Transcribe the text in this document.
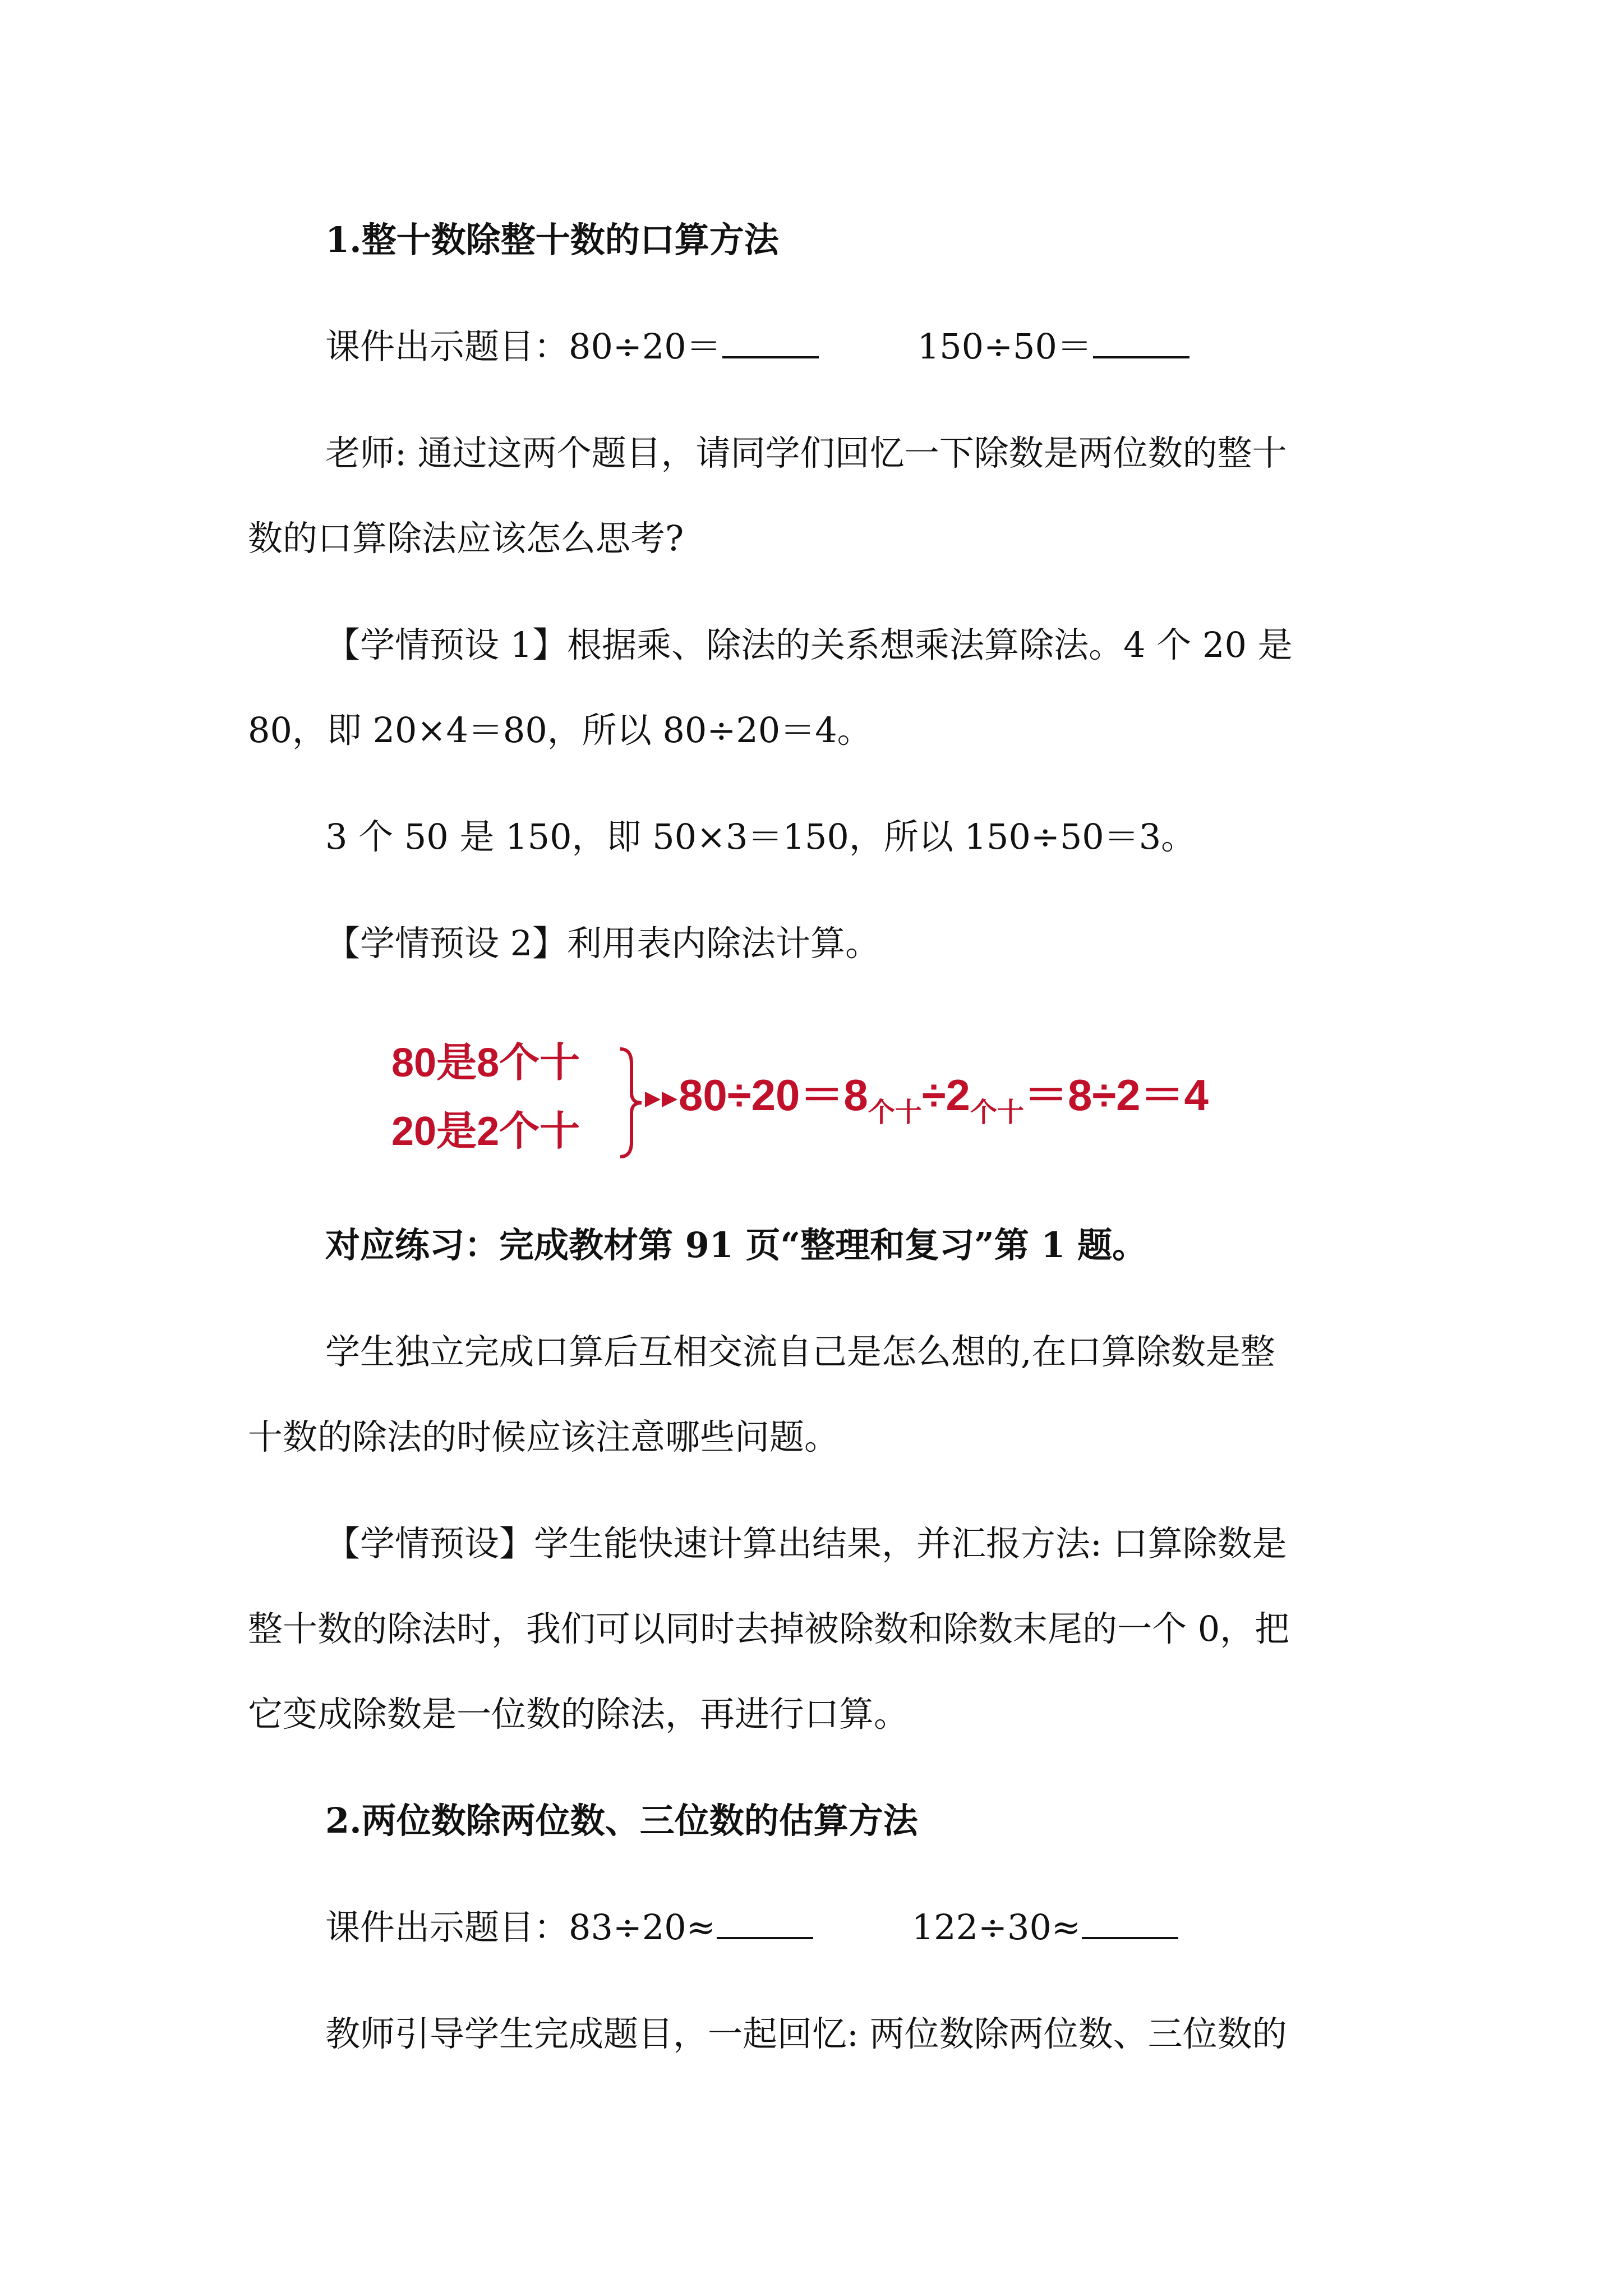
1.整十数除整十数的口算方法

课件出示题目：80÷20＝	150÷50＝

老师: 通过这两个题目，请同学们回忆一下除数是两位数的整十

数的口算除法应该怎么思考?

【学情预设 1】根据乘、除法的关系想乘法算除法。4 个 20 是

80，即 20×4＝80，所以 80÷20＝4。

3 个 50 是 150，即 50×3＝150，所以 150÷50＝3。

【学情预设 2】利用表内除法计算。

80是8个十
20是2个十
$80\div 20=8_{个十}\div 2_{个十}=8\div 2=4$

对应练习：完成教材第 91 页“整理和复习”第 1 题。

学生独立完成口算后互相交流自己是怎么想的,在口算除数是整

十数的除法的时候应该注意哪些问题。

【学情预设】学生能快速计算出结果，并汇报方法: 口算除数是

整十数的除法时，我们可以同时去掉被除数和除数末尾的一个 0，把

它变成除数是一位数的除法，再进行口算。

2.两位数除两位数、三位数的估算方法

课件出示题目：83÷20≈	122÷30≈

教师引导学生完成题目，一起回忆: 两位数除两位数、三位数的
